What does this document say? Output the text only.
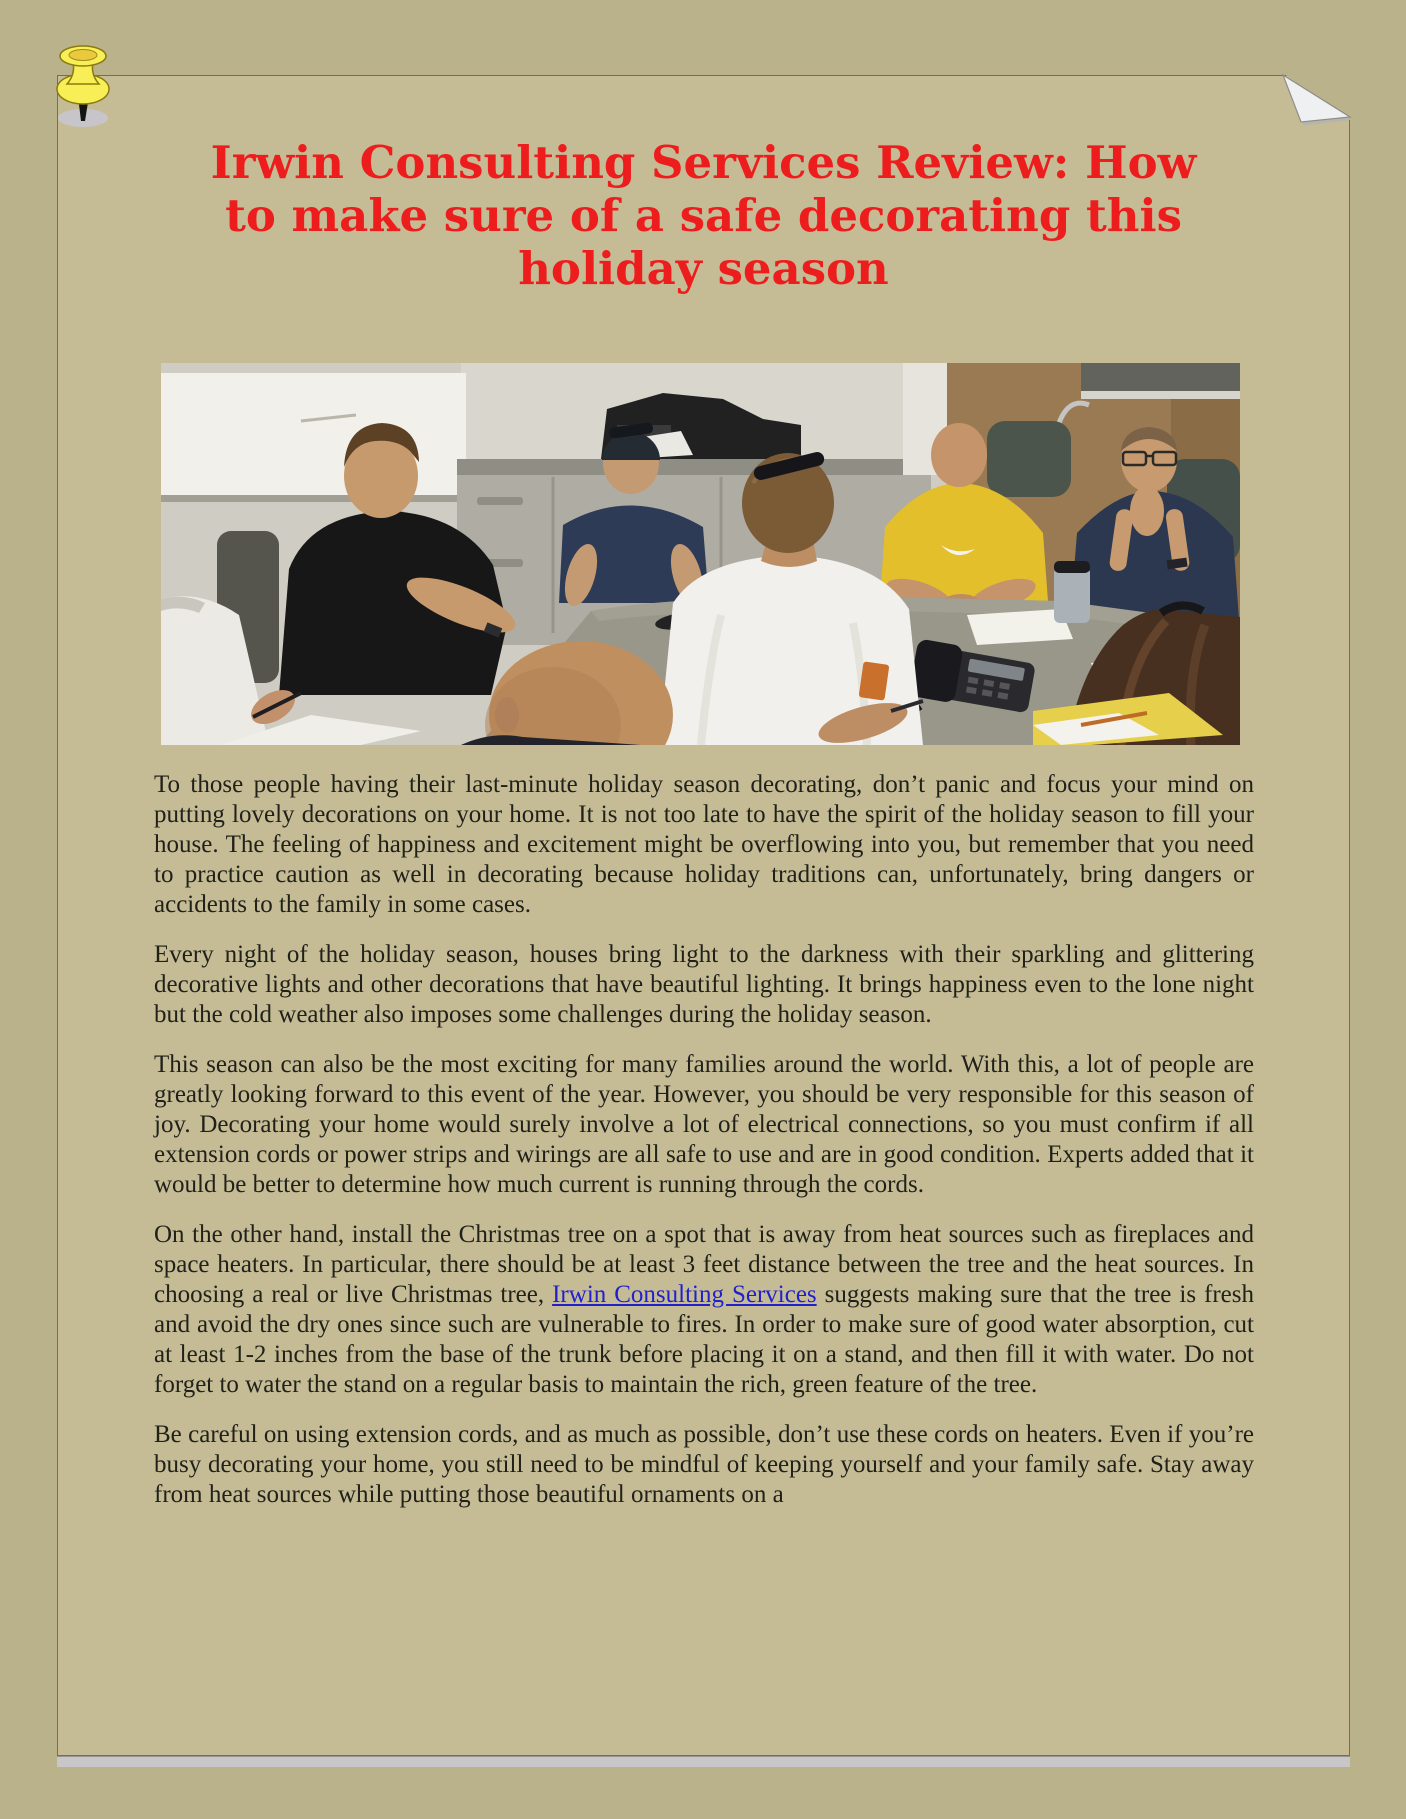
Irwin Consulting Services Review: How
to make sure of a safe decorating this
holiday season

To those people having their last-minute holiday season decorating, don’t panic and focus your mind on putting lovely decorations on your home. It is not too late to have the spirit of the holiday season to fill your house. The feeling of happiness and excitement might be overflowing into you, but remember that you need to practice caution as well in decorating because holiday traditions can, unfortunately, bring dangers or accidents to the family in some cases.

Every night of the holiday season, houses bring light to the darkness with their sparkling and glittering decorative lights and other decorations that have beautiful lighting. It brings happiness even to the lone night but the cold weather also imposes some challenges during the holiday season.

This season can also be the most exciting for many families around the world. With this, a lot of people are greatly looking forward to this event of the year. However, you should be very responsible for this season of joy. Decorating your home would surely involve a lot of electrical connections, so you must confirm if all extension cords or power strips and wirings are all safe to use and are in good condition. Experts added that it would be better to determine how much current is running through the cords.

On the other hand, install the Christmas tree on a spot that is away from heat sources such as fireplaces and space heaters. In particular, there should be at least 3 feet distance between the tree and the heat sources. In choosing a real or live Christmas tree, Irwin Consulting Services suggests making sure that the tree is fresh and avoid the dry ones since such are vulnerable to fires. In order to make sure of good water absorption, cut at least 1-2 inches from the base of the trunk before placing it on a stand, and then fill it with water. Do not forget to water the stand on a regular basis to maintain the rich, green feature of the tree.

Be careful on using extension cords, and as much as possible, don’t use these cords on heaters. Even if you’re busy decorating your home, you still need to be mindful of keeping yourself and your family safe. Stay away from heat sources while putting those beautiful ornaments on a
